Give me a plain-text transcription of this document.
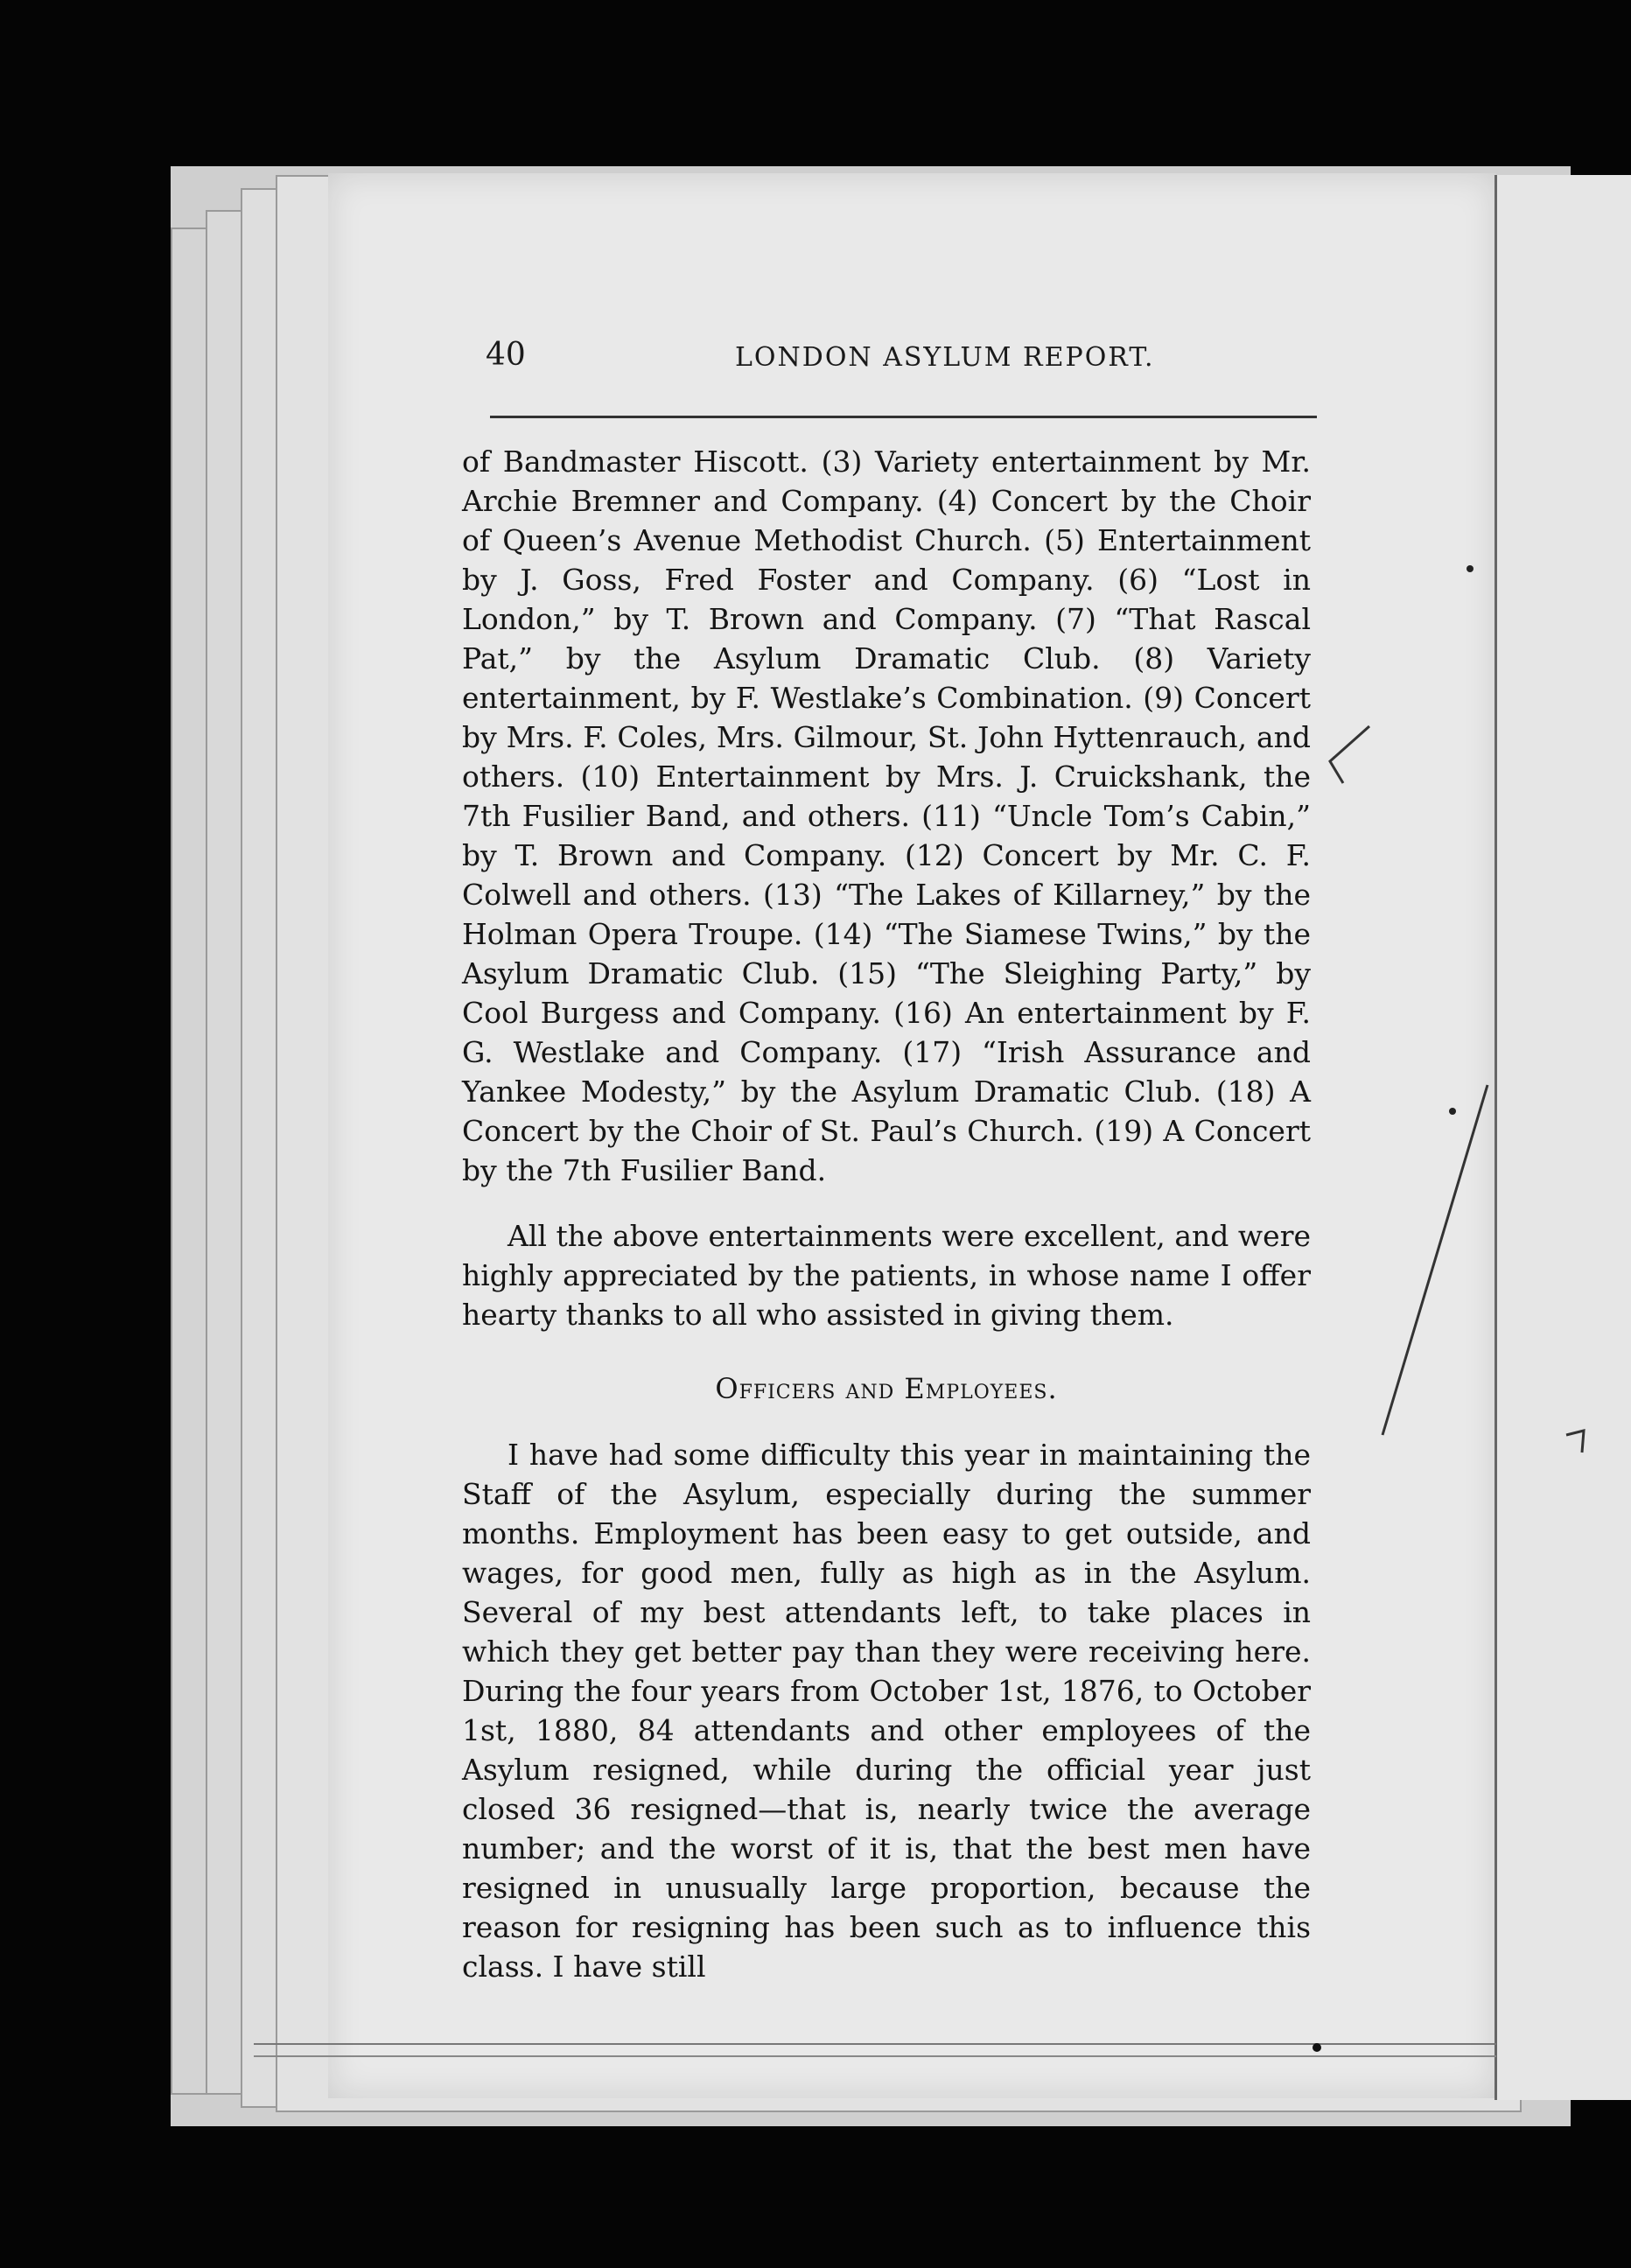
40	LONDON ASYLUM REPORT.

of Bandmaster Hiscott. (3) Variety entertainment by Mr. Archie Bremner and Company. (4) Concert by the Choir of Queen’s Avenue Methodist Church. (5) Entertainment by J. Goss, Fred Foster and Company. (6) “Lost in London,” by T. Brown and Company. (7) “That Rascal Pat,” by the Asylum Dramatic Club. (8) Variety entertainment, by F. Westlake’s Combination. (9) Concert by Mrs. F. Coles, Mrs. Gilmour, St. John Hyttenrauch, and others. (10) Entertainment by Mrs. J. Cruickshank, the 7th Fusilier Band, and others. (11) “Uncle Tom’s Cabin,” by T. Brown and Company. (12) Concert by Mr. C. F. Colwell and others. (13) “The Lakes of Killarney,” by the Holman Opera Troupe. (14) “The Siamese Twins,” by the Asylum Dramatic Club. (15) “The Sleighing Party,” by Cool Burgess and Company. (16) An entertainment by F. G. Westlake and Company. (17) “Irish Assurance and Yankee Modesty,” by the Asylum Dramatic Club. (18) A Concert by the Choir of St. Paul’s Church. (19) A Concert by the 7th Fusilier Band.

All the above entertainments were excellent, and were highly appreciated by the patients, in whose name I offer hearty thanks to all who assisted in giving them.

Officers and Employees.

I have had some difficulty this year in maintaining the Staff of the Asylum, especially during the summer months. Employment has been easy to get outside, and wages, for good men, fully as high as in the Asylum. Several of my best attendants left, to take places in which they get better pay than they were receiving here. During the four years from October 1st, 1876, to October 1st, 1880, 84 attendants and other employees of the Asylum resigned, while during the official year just closed 36 resigned—that is, nearly twice the average number; and the worst of it is, that the best men have resigned in unusually large proportion, because the reason for resigning has been such as to influence this class. I have still
